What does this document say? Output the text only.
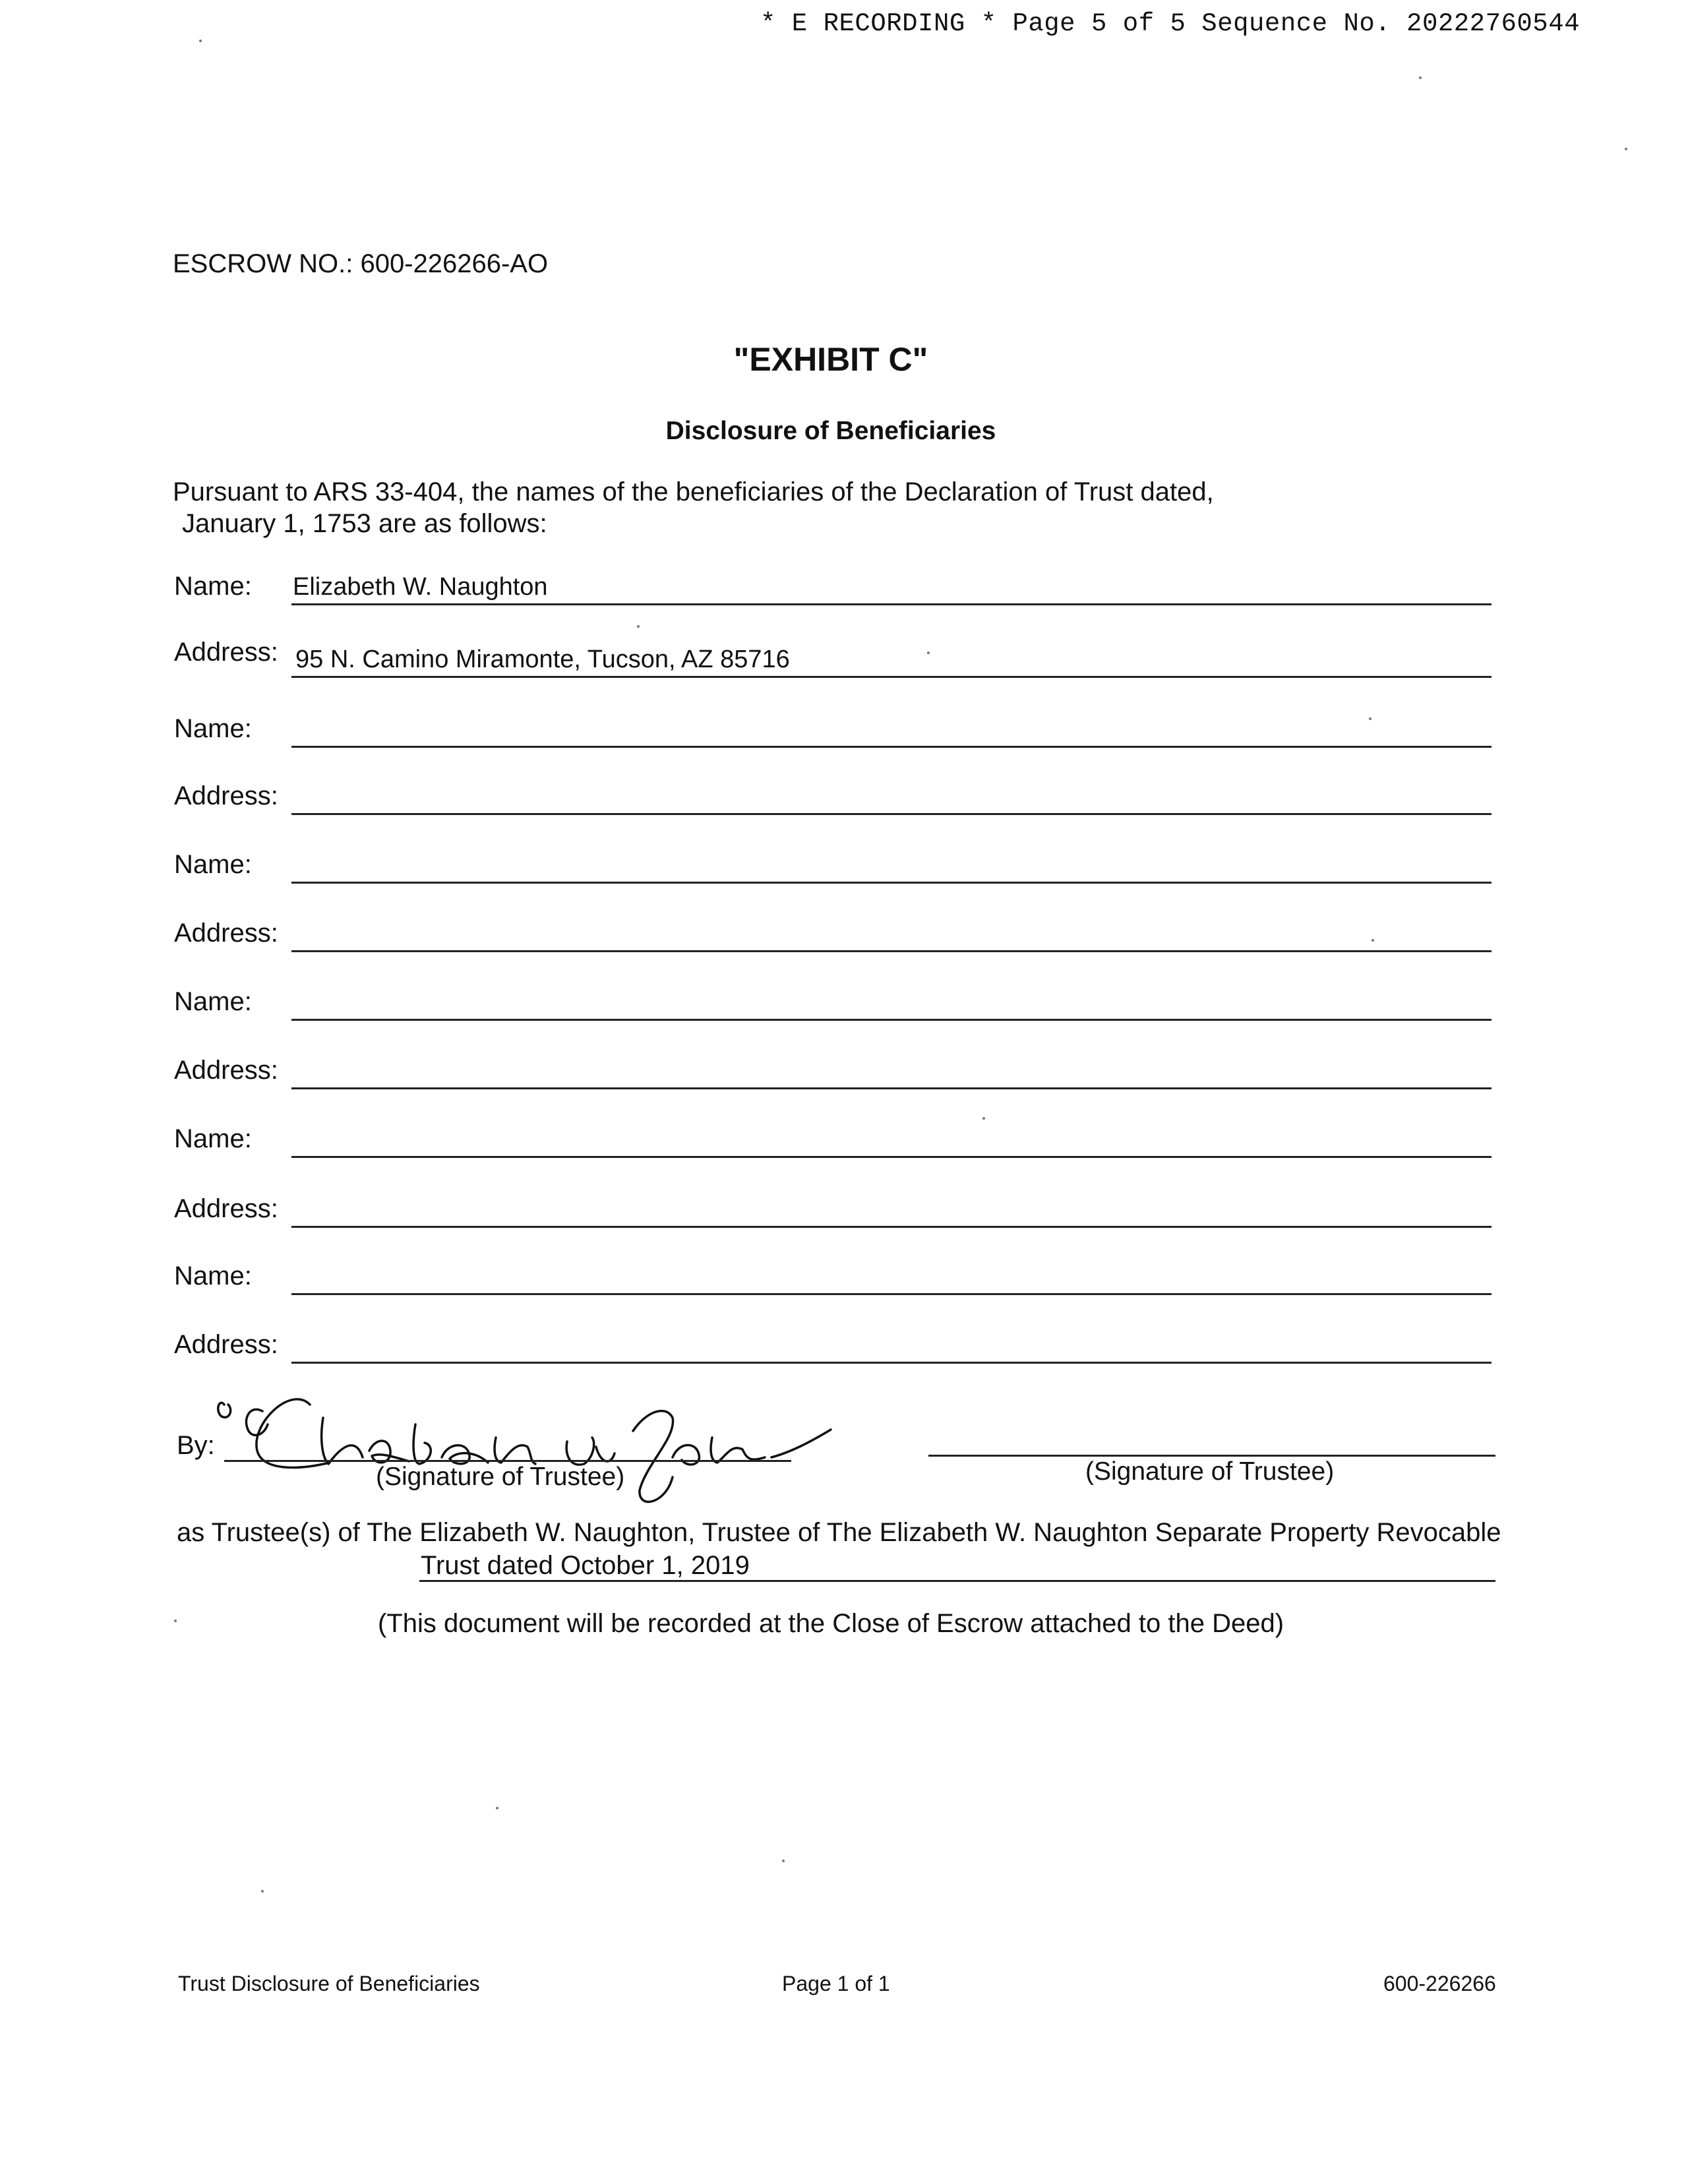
* E RECORDING * Page 5 of 5 Sequence No. 20222760544
ESCROW NO.: 600-226266-AO
"EXHIBIT C"
Disclosure of Beneficiaries
Pursuant to ARS 33-404, the names of the beneficiaries of the Declaration of Trust dated,
January 1, 1753 are as follows:
Name: Elizabeth W. Naughton
Address: 95 N. Camino Miramonte, Tucson, AZ 85716
Name:
Address:
Name:
Address:
Name:
Address:
Name:
Address:
Name:
Address:
By:
(Signature of Trustee)	(Signature of Trustee)
as Trustee(s) of The Elizabeth W. Naughton, Trustee of The Elizabeth W. Naughton Separate Property Revocable
Trust dated October 1, 2019
(This document will be recorded at the Close of Escrow attached to the Deed)
Trust Disclosure of Beneficiaries	Page 1 of 1	600-226266
